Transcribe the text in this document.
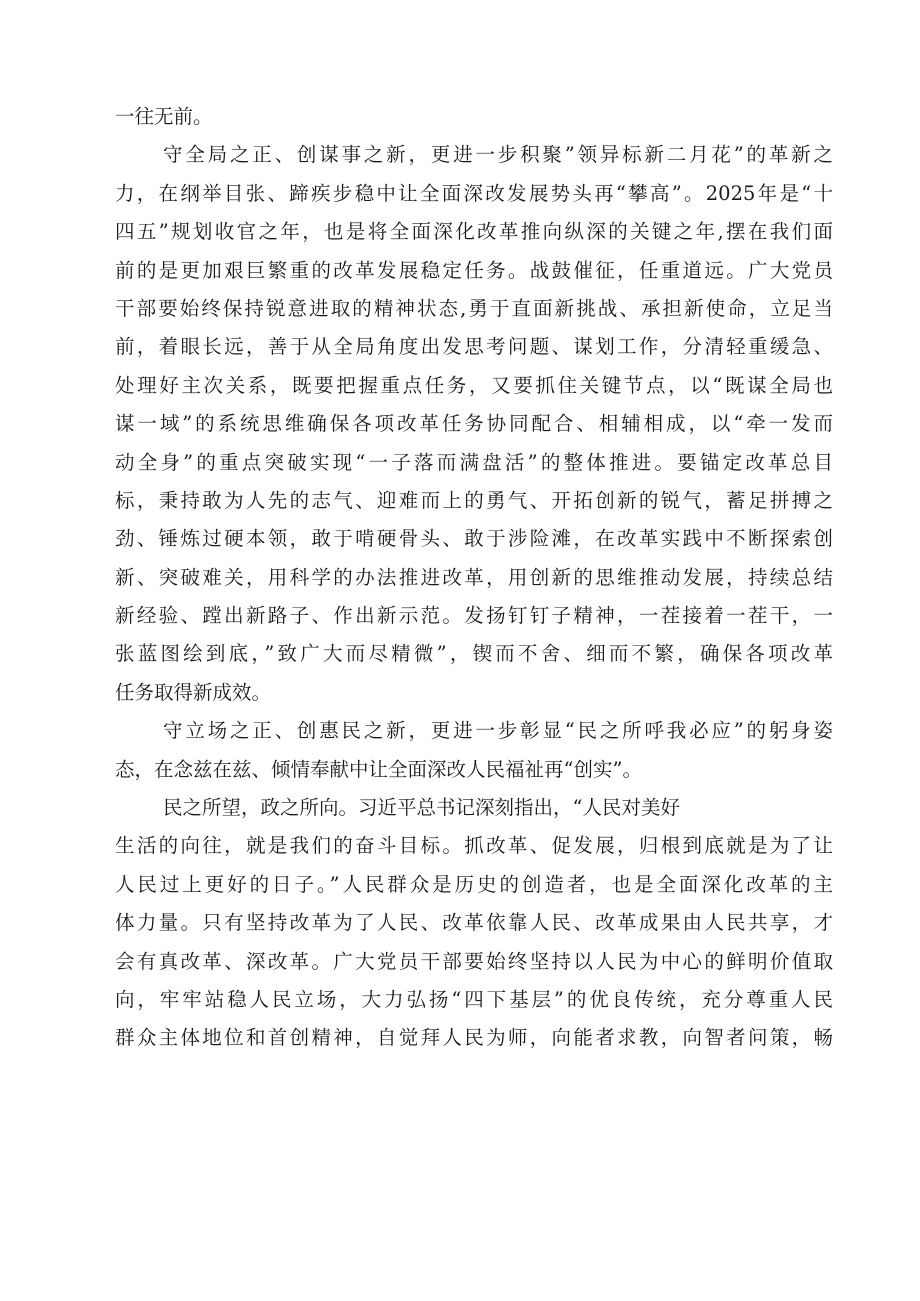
一往无前。
守全局之正、创谋事之新，更进一步积聚”领异标新二月花”的革新之
力，在纲举目张、蹄疾步稳中让全面深改发展势头再“攀高”。2025年是“十
四五”规划收官之年，也是将全面深化改革推向纵深的关键之年,摆在我们面
前的是更加艰巨繁重的改革发展稳定任务。战鼓催征，任重道远。广大党员
干部要始终保持锐意进取的精神状态,勇于直面新挑战、承担新使命，立足当
前，着眼长远，善于从全局角度出发思考问题、谋划工作，分清轻重缓急、
处理好主次关系，既要把握重点任务，又要抓住关键节点，以“既谋全局也
谋一域”的系统思维确保各项改革任务协同配合、相辅相成，以“牵一发而
动全身”的重点突破实现“一子落而满盘活”的整体推进。要锚定改革总目
标，秉持敢为人先的志气、迎难而上的勇气、开拓创新的锐气，蓄足拼搏之
劲、锤炼过硬本领，敢于啃硬骨头、敢于涉险滩，在改革实践中不断探索创
新、突破难关，用科学的办法推进改革，用创新的思维推动发展，持续总结
新经验、蹚出新路子、作出新示范。发扬钉钉子精神，一茬接着一茬干，一
张蓝图绘到底，”致广大而尽精微”，锲而不舍、细而不繁，确保各项改革
任务取得新成效。
守立场之正、创惠民之新，更进一步彰显“民之所呼我必应”的躬身姿
态，在念兹在兹、倾情奉献中让全面深改人民福祉再“创实”。
民之所望，政之所向。习近平总书记深刻指出，“人民对美好
生活的向往，就是我们的奋斗目标。抓改革、促发展，归根到底就是为了让
人民过上更好的日子。”人民群众是历史的创造者，也是全面深化改革的主
体力量。只有坚持改革为了人民、改革依靠人民、改革成果由人民共享，才
会有真改革、深改革。广大党员干部要始终坚持以人民为中心的鲜明价值取
向，牢牢站稳人民立场，大力弘扬“四下基层”的优良传统，充分尊重人民
群众主体地位和首创精神，自觉拜人民为师，向能者求教，向智者问策，畅
